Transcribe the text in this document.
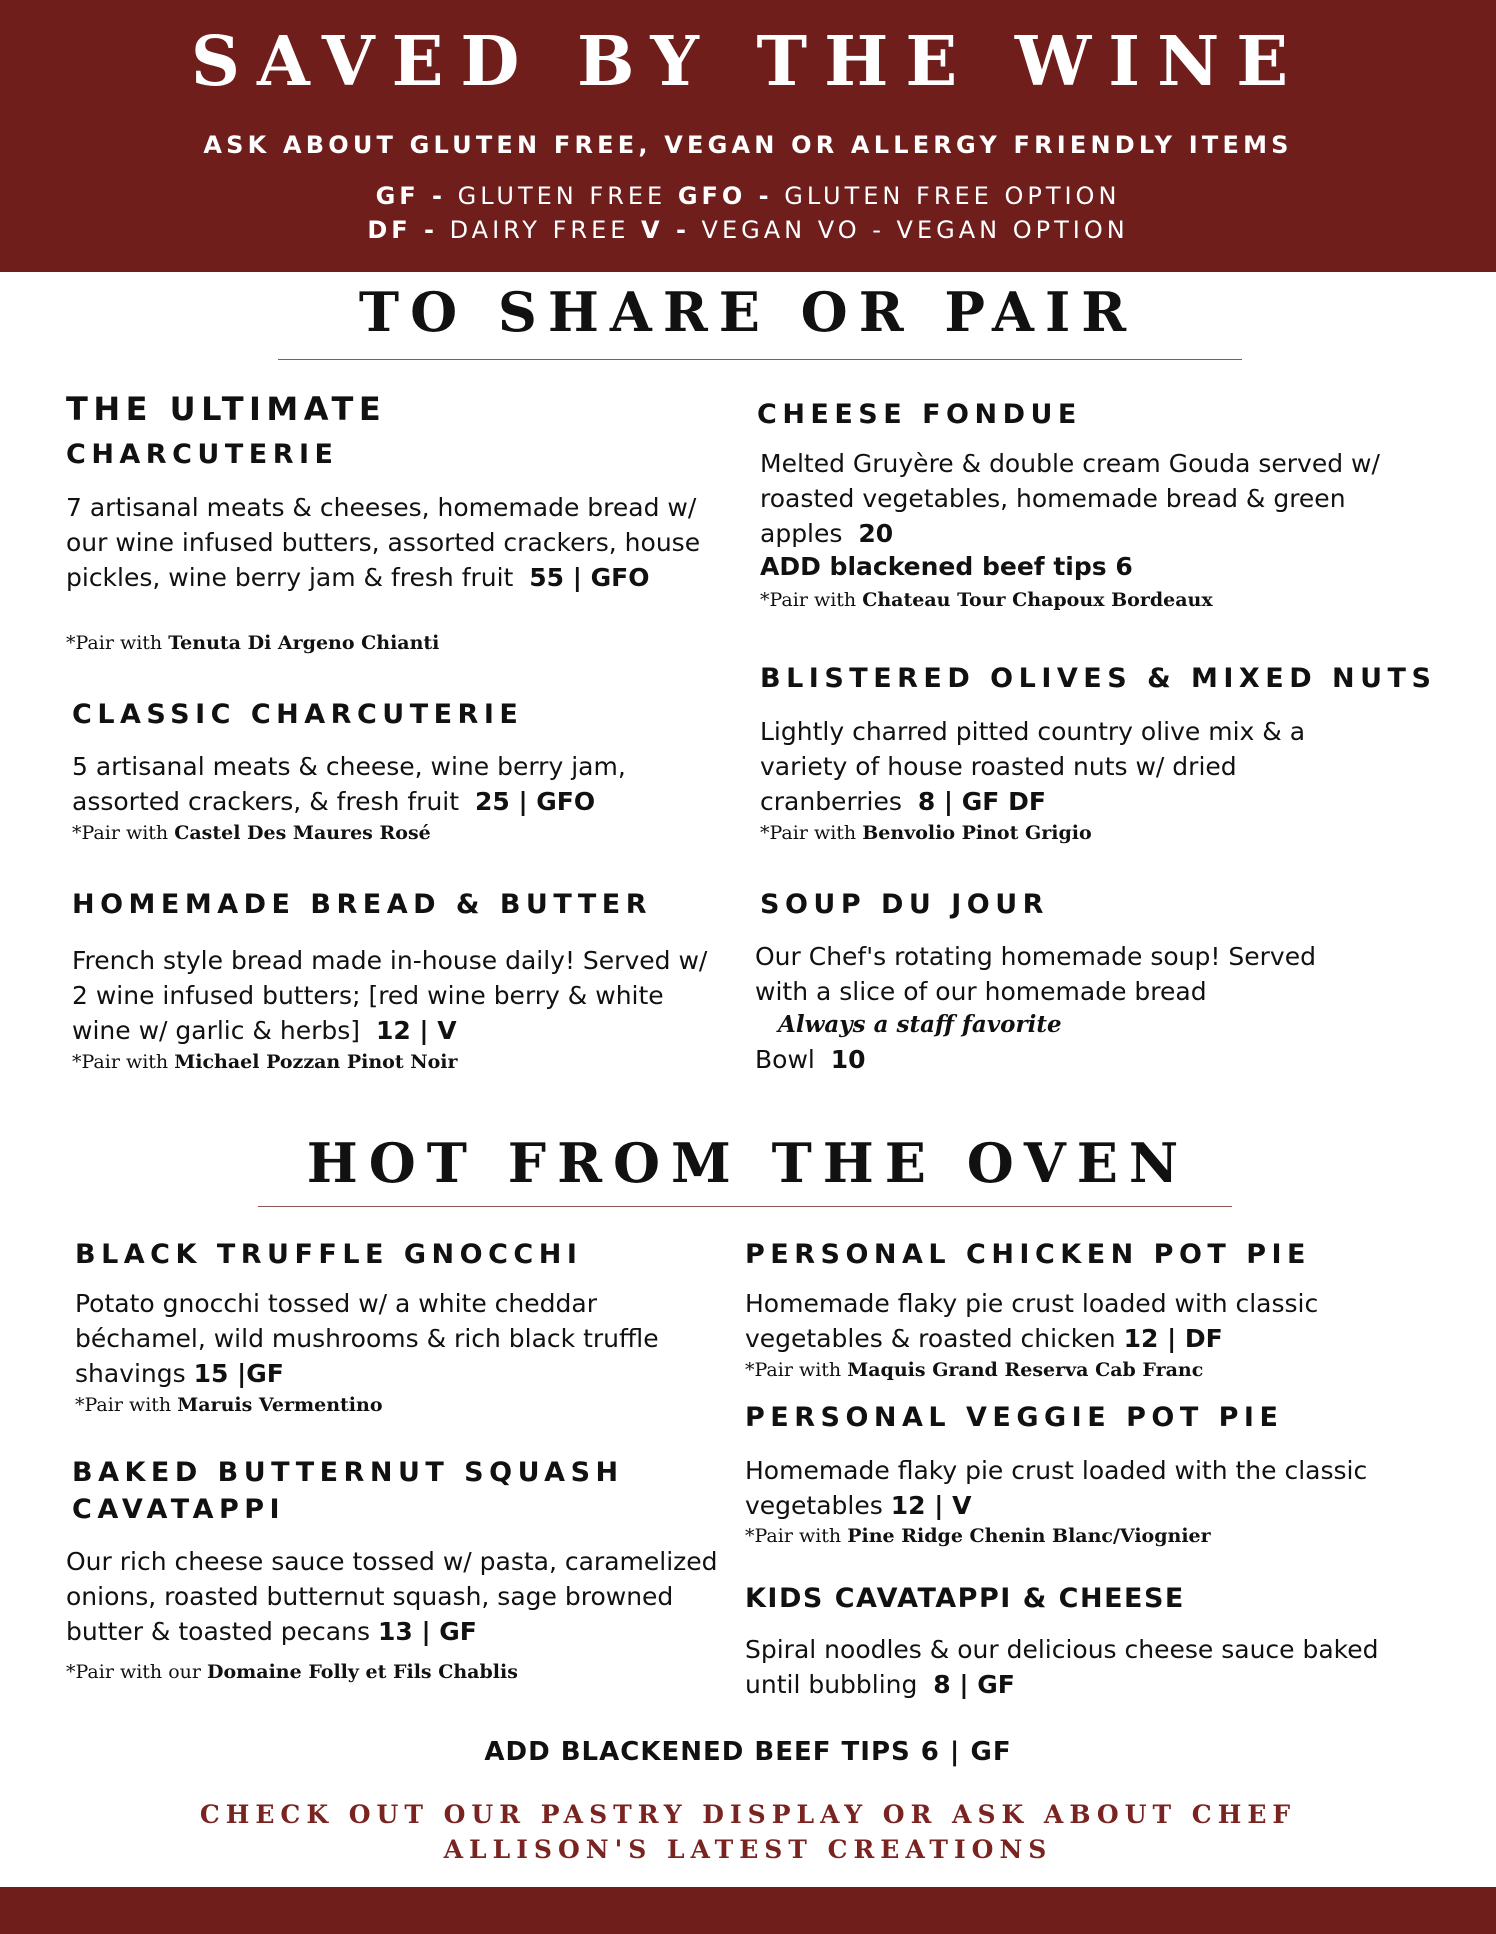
SAVED BY THE WINE
ASK ABOUT GLUTEN FREE, VEGAN OR ALLERGY FRIENDLY ITEMS
GF - GLUTEN FREE GFO - GLUTEN FREE OPTION
DF - DAIRY FREE V - VEGAN VO - VEGAN OPTION
TO SHARE OR PAIR
THE ULTIMATE
CHARCUTERIE
7 artisanal meats & cheeses, homemade bread w/ our wine infused butters, assorted crackers, house pickles, wine berry jam & fresh fruit 55 | GFO
*Pair with Tenuta Di Argeno Chianti
CLASSIC CHARCUTERIE
5 artisanal meats & cheese, wine berry jam, assorted crackers, & fresh fruit 25 | GFO
*Pair with Castel Des Maures Rosé
HOMEMADE BREAD & BUTTER
French style bread made in-house daily! Served w/ 2 wine infused butters; [red wine berry & white wine w/ garlic & herbs] 12 | V
*Pair with Michael Pozzan Pinot Noir
CHEESE FONDUE
Melted Gruyère & double cream Gouda served w/ roasted vegetables, homemade bread & green apples 20
ADD blackened beef tips 6
*Pair with Chateau Tour Chapoux Bordeaux
BLISTERED OLIVES & MIXED NUTS
Lightly charred pitted country olive mix & a variety of house roasted nuts w/ dried cranberries 8 | GF DF
*Pair with Benvolio Pinot Grigio
SOUP DU JOUR
Our Chef's rotating homemade soup! Served with a slice of our homemade bread
Always a staff favorite
Bowl 10
HOT FROM THE OVEN
BLACK TRUFFLE GNOCCHI
Potato gnocchi tossed w/ a white cheddar béchamel, wild mushrooms & rich black truffle shavings 15 |GF
*Pair with Maruis Vermentino
BAKED BUTTERNUT SQUASH
CAVATAPPI
Our rich cheese sauce tossed w/ pasta, caramelized onions, roasted butternut squash, sage browned butter & toasted pecans 13 | GF
*Pair with our Domaine Folly et Fils Chablis
PERSONAL CHICKEN POT PIE
Homemade flaky pie crust loaded with classic vegetables & roasted chicken 12 | DF
*Pair with Maquis Grand Reserva Cab Franc
PERSONAL VEGGIE POT PIE
Homemade flaky pie crust loaded with the classic vegetables 12 | V
*Pair with Pine Ridge Chenin Blanc/Viognier
KIDS CAVATAPPI & CHEESE
Spiral noodles & our delicious cheese sauce baked until bubbling 8 | GF
ADD BLACKENED BEEF TIPS 6 | GF
CHECK OUT OUR PASTRY DISPLAY OR ASK ABOUT CHEF ALLISON'S LATEST CREATIONS
